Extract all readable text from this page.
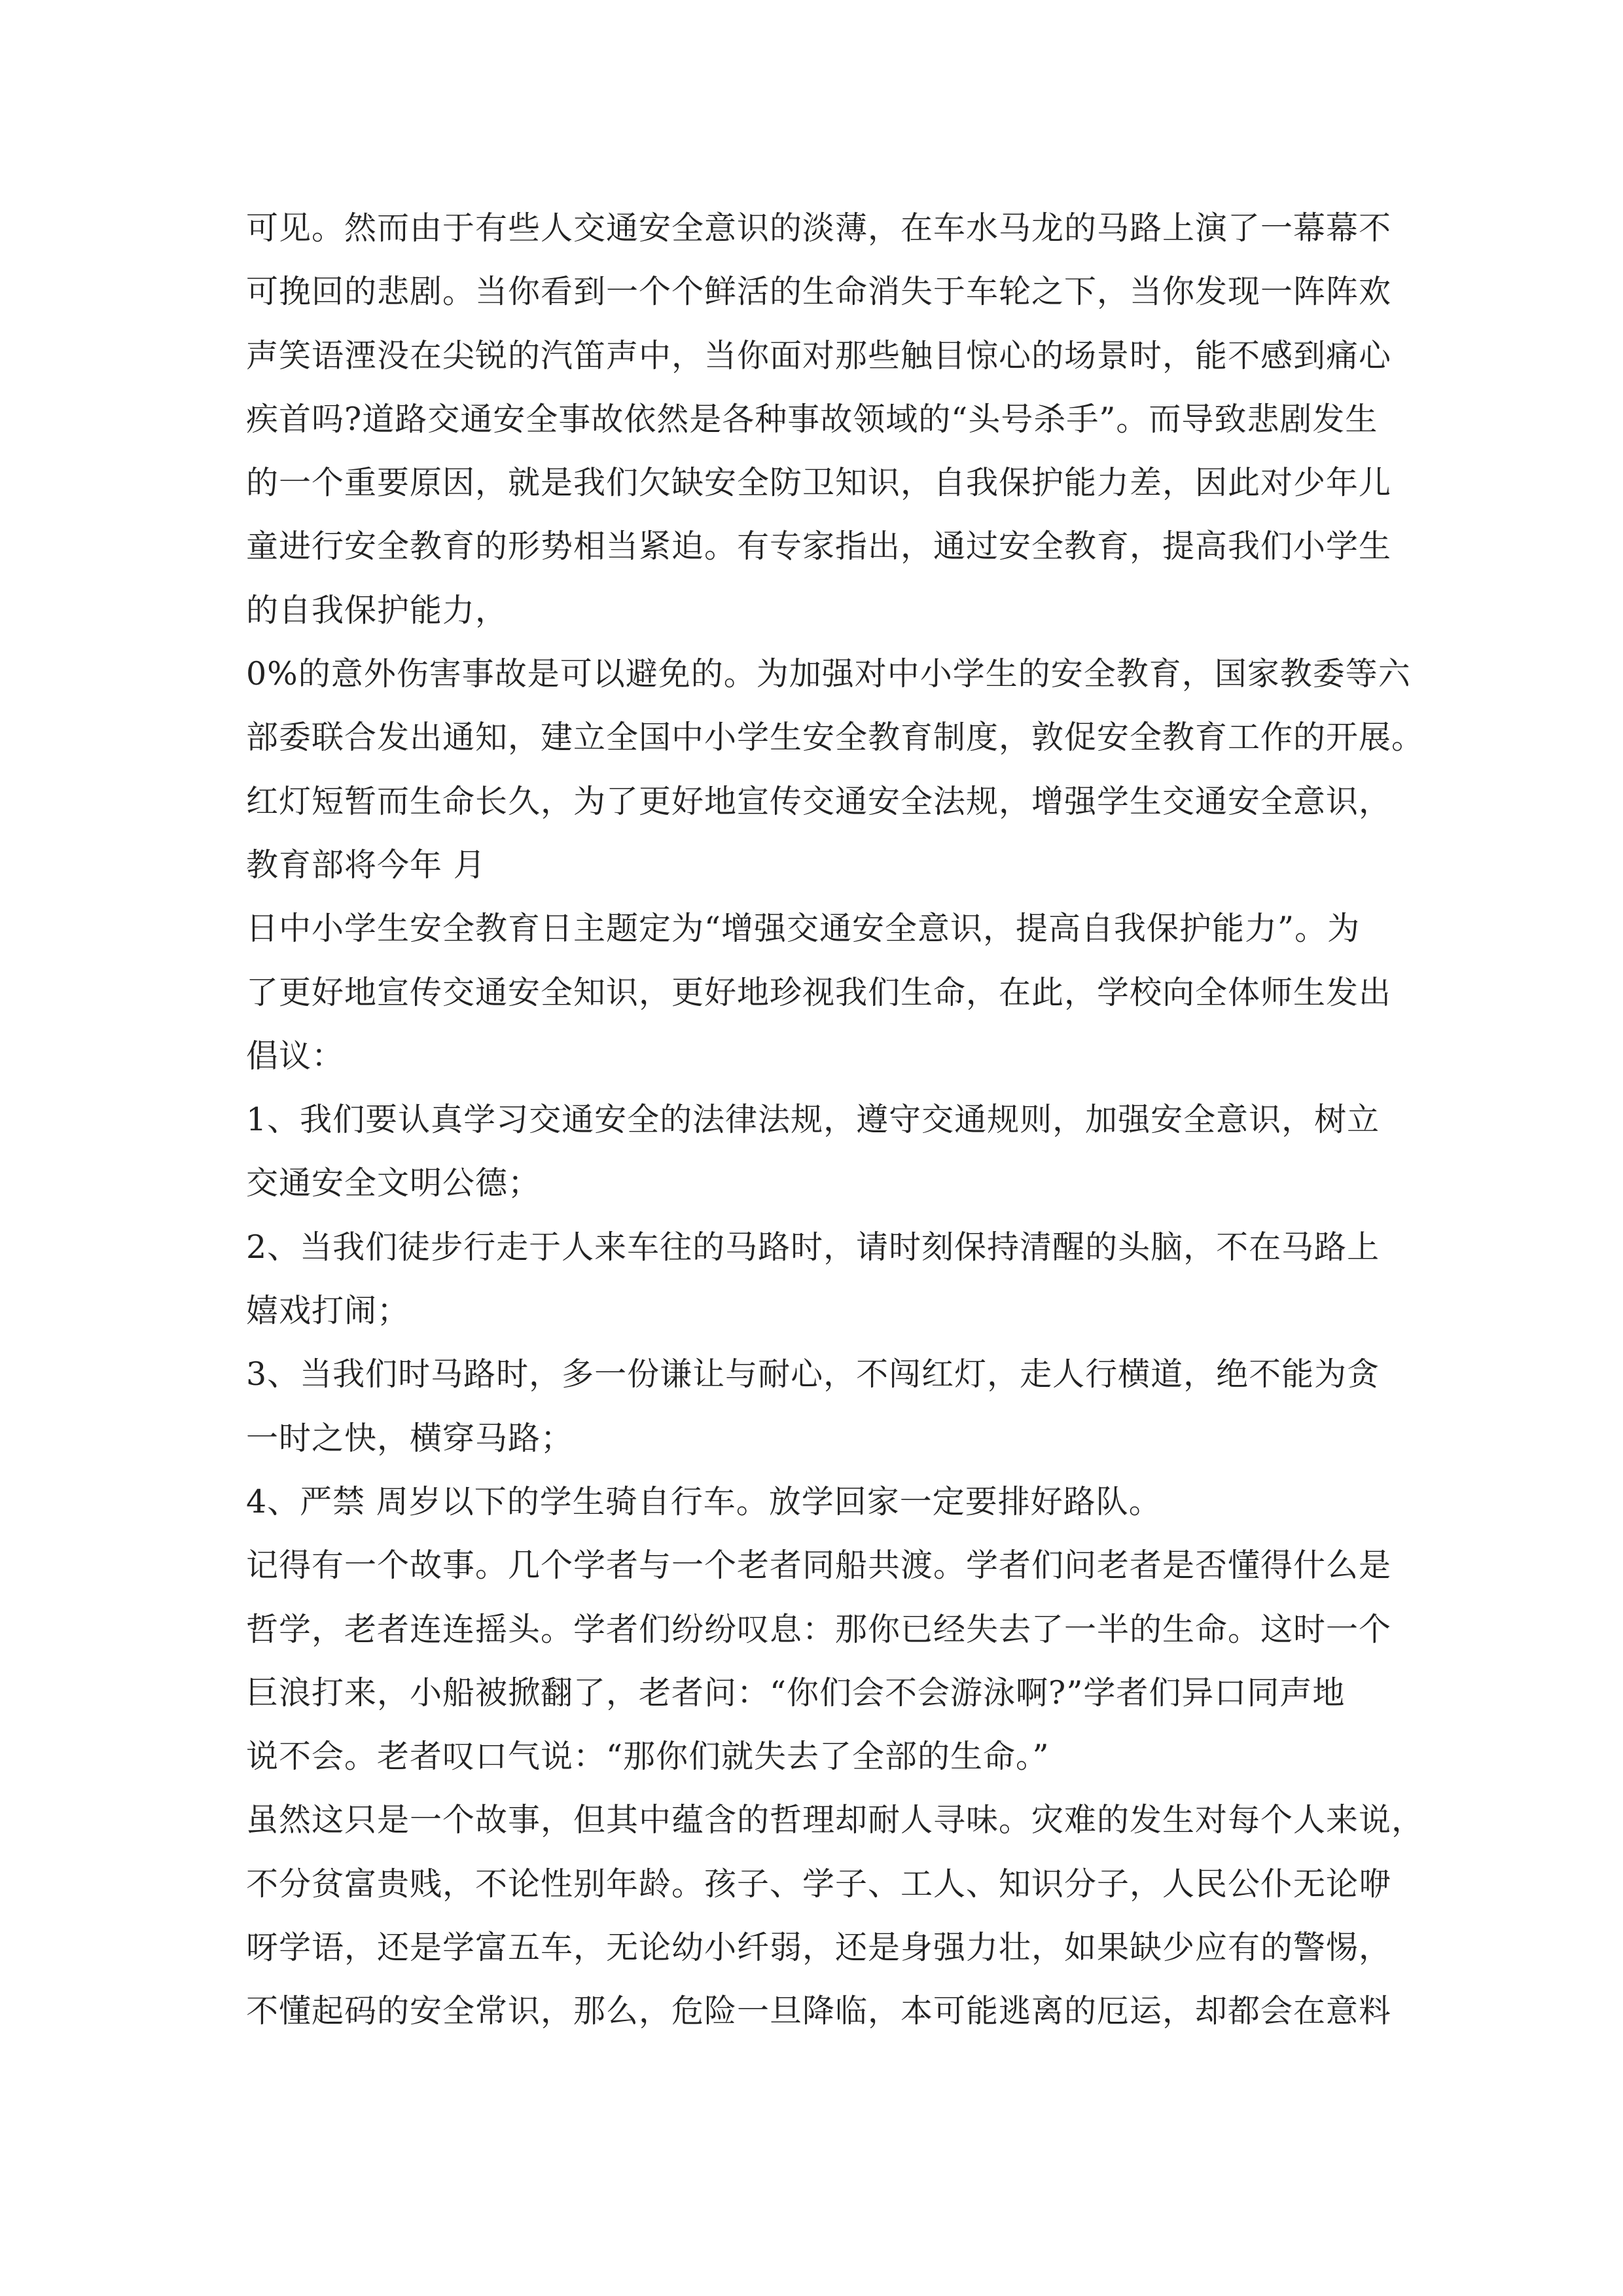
可见。然而由于有些人交通安全意识的淡薄，在车水马龙的马路上演了一幕幕不
可挽回的悲剧。当你看到一个个鲜活的生命消失于车轮之下，当你发现一阵阵欢
声笑语湮没在尖锐的汽笛声中，当你面对那些触目惊心的场景时，能不感到痛心
疾首吗?道路交通安全事故依然是各种事故领域的“头号杀手”。而导致悲剧发生
的一个重要原因，就是我们欠缺安全防卫知识，自我保护能力差，因此对少年儿
童进行安全教育的形势相当紧迫。有专家指出，通过安全教育，提高我们小学生
的自我保护能力，
0%的意外伤害事故是可以避免的。为加强对中小学生的安全教育，国家教委等六
部委联合发出通知，建立全国中小学生安全教育制度，敦促安全教育工作的开展。
红灯短暂而生命长久，为了更好地宣传交通安全法规，增强学生交通安全意识，
教育部将今年 月
日中小学生安全教育日主题定为“增强交通安全意识，提高自我保护能力”。为
了更好地宣传交通安全知识，更好地珍视我们生命，在此，学校向全体师生发出
倡议：
1、我们要认真学习交通安全的法律法规，遵守交通规则，加强安全意识，树立
交通安全文明公德；
2、当我们徒步行走于人来车往的马路时，请时刻保持清醒的头脑，不在马路上
嬉戏打闹；
3、当我们时马路时，多一份谦让与耐心，不闯红灯，走人行横道，绝不能为贪
一时之快，横穿马路；
4、严禁 周岁以下的学生骑自行车。放学回家一定要排好路队。
记得有一个故事。几个学者与一个老者同船共渡。学者们问老者是否懂得什么是
哲学，老者连连摇头。学者们纷纷叹息：那你已经失去了一半的生命。这时一个
巨浪打来，小船被掀翻了，老者问：“你们会不会游泳啊?”学者们异口同声地
说不会。老者叹口气说：“那你们就失去了全部的生命。”
虽然这只是一个故事，但其中蕴含的哲理却耐人寻味。灾难的发生对每个人来说，
不分贫富贵贱，不论性别年龄。孩子、学子、工人、知识分子，人民公仆无论咿
呀学语，还是学富五车，无论幼小纤弱，还是身强力壮，如果缺少应有的警惕，
不懂起码的安全常识，那么，危险一旦降临，本可能逃离的厄运，却都会在意料
